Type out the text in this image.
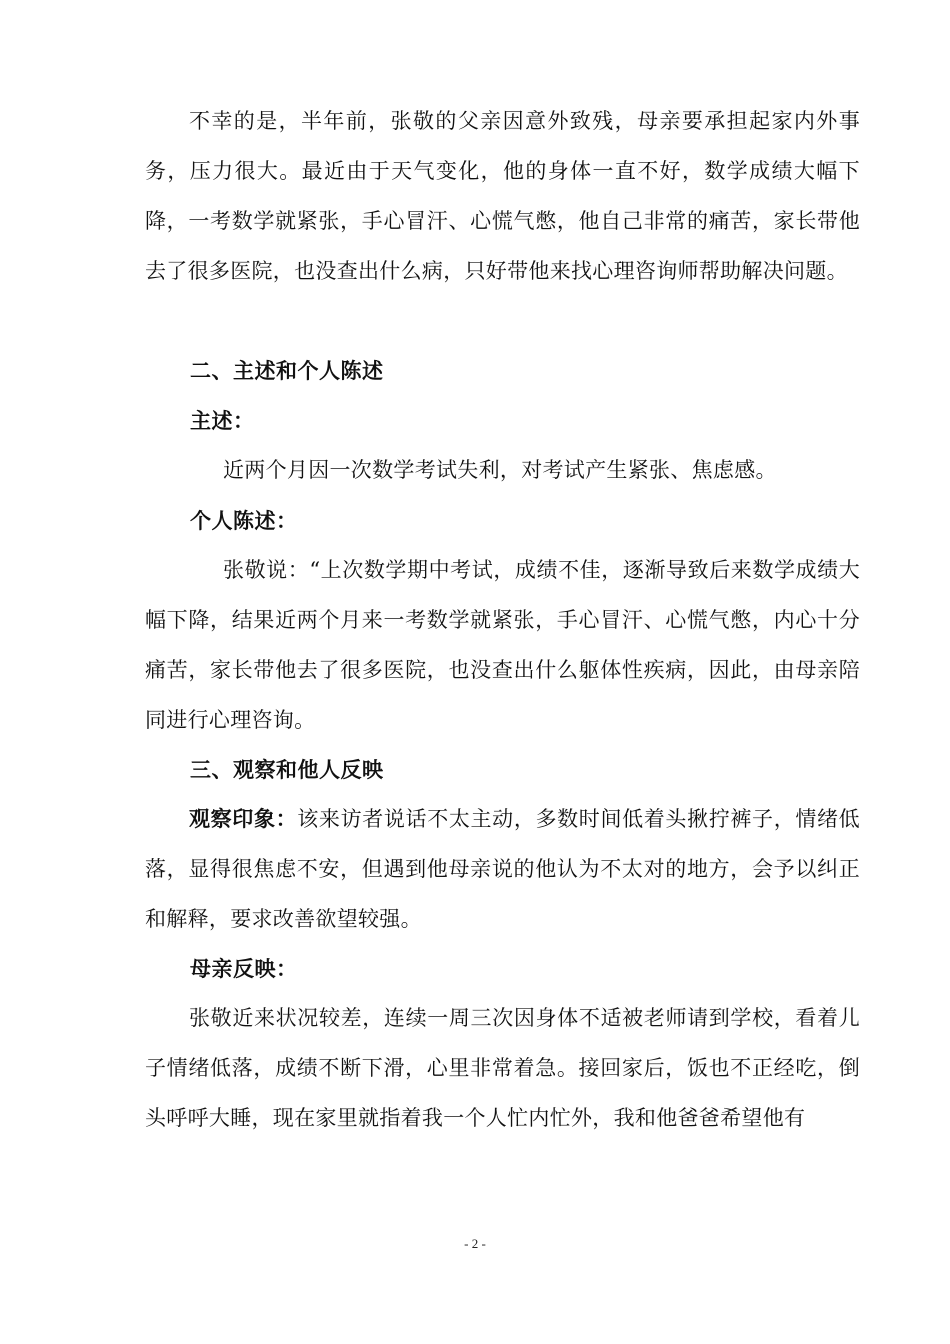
不幸的是，半年前，张敬的父亲因意外致残，母亲要承担起家内外事务，压力很大。最近由于天气变化，他的身体一直不好，数学成绩大幅下降，一考数学就紧张，手心冒汗、心慌气憋，他自己非常的痛苦，家长带他去了很多医院，也没查出什么病，只好带他来找心理咨询师帮助解决问题。

二、主述和个人陈述

主述：

近两个月因一次数学考试失利，对考试产生紧张、焦虑感。

个人陈述：

张敬说：“上次数学期中考试，成绩不佳，逐渐导致后来数学成绩大幅下降，结果近两个月来一考数学就紧张，手心冒汗、心慌气憋，内心十分痛苦，家长带他去了很多医院，也没查出什么躯体性疾病，因此，由母亲陪同进行心理咨询。

三、观察和他人反映

观察印象：该来访者说话不太主动，多数时间低着头揪拧裤子，情绪低落，显得很焦虑不安，但遇到他母亲说的他认为不太对的地方，会予以纠正和解释，要求改善欲望较强。

母亲反映：

张敬近来状况较差，连续一周三次因身体不适被老师请到学校，看着儿子情绪低落，成绩不断下滑，心里非常着急。接回家后，饭也不正经吃，倒头呼呼大睡，现在家里就指着我一个人忙内忙外，我和他爸爸希望他有

- 2 -
